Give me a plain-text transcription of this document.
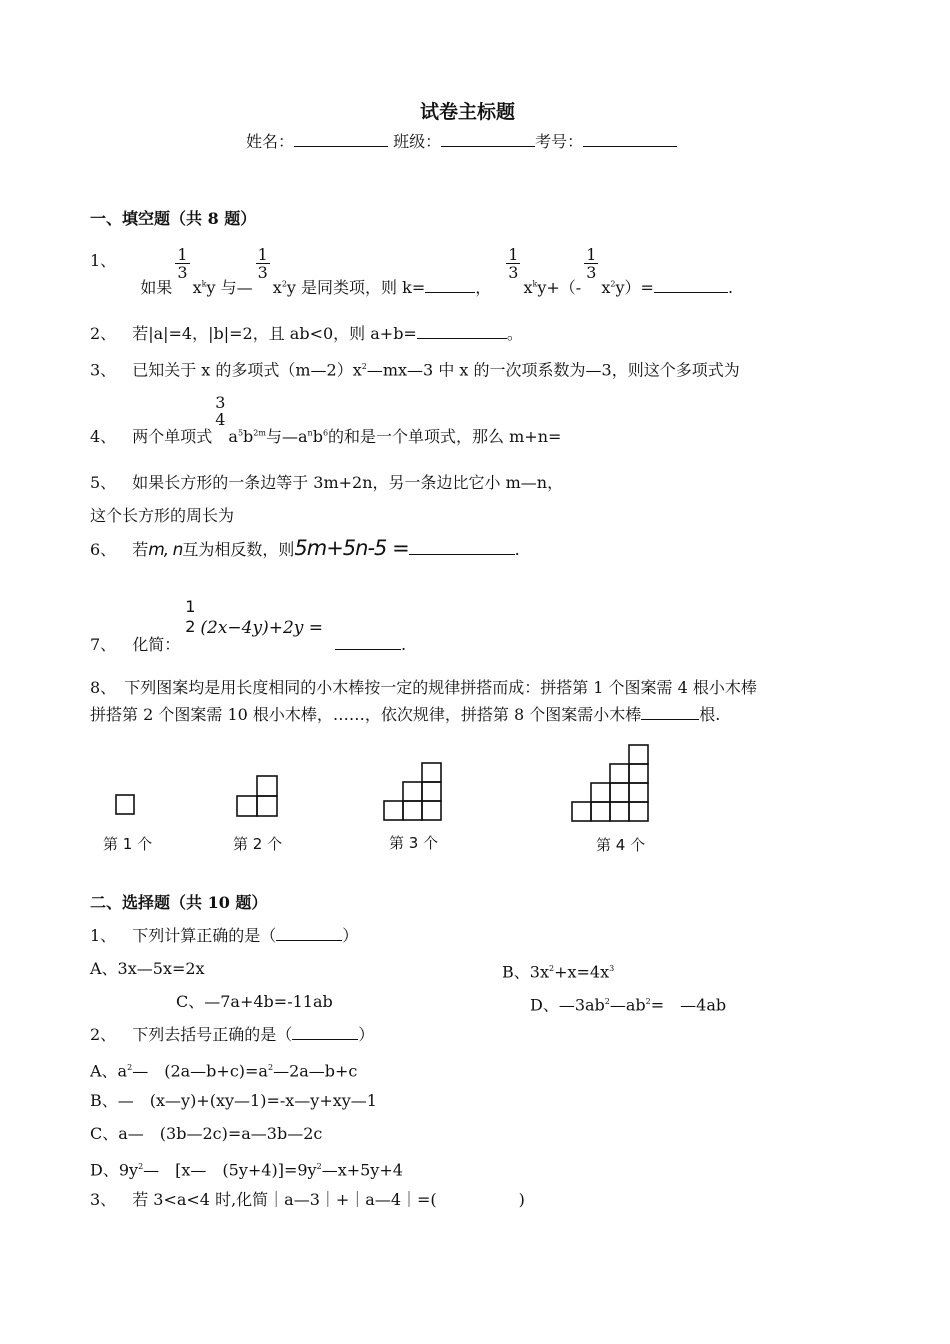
试卷主标题
姓名：	班级：	考号：
一、填空题（共 8 题）
1、  如果
$\frac{1}{3}$
$x^ky$ 与—
$\frac{1}{3}$
$x^2y$ 是同类项，则 k=	，
$\frac{1}{3}$
$x^ky+(-$
$\frac{1}{3}$
$x^2y)=$	.
2、 若|a|=4，|b|=2，且 ab<0，则 a+b=	。
3、 已知关于 x 的多项式$(m—2)x^2—mx—3$ 中 x 的一次项系数为—3，则这个多项式为
4、 两个单项式
3
4
$a^5b^{2m}$与$—a^nb^6$的和是一个单项式，那么 m+n=
5、 如果长方形的一条边等于 3m+2n，另一条边比它小 m—n，
这个长方形的周长为
6、 若m, n互为相反数，则5m+5n-5 =	.
7、 化简：
1
2 (2x−4y)+2y =.
8、 下列图案均是用长度相同的小木棒按一定的规律拼搭而成：拼搭第 1 个图案需 4 根小木棒
拼搭第 2 个图案需 10 根小木棒，……，依次规律，拼搭第 8 个图案需小木棒	根.
第 1 个	第 2 个	第 3 个	第 4 个
二、选择题（共 10 题）
1、 下列计算正确的是（	）
A、3x—5x=2x	B、$3x^2+x=4x^3$
C、—7a+4b=-11ab	D、$—3ab^2—ab^2=$　—4ab
2、 下列去括号正确的是（	）
A、$a^2—$　$(2a—b+c)=a^2—2a—b+c$
B、—　(x—y)+(xy—1)=-x—y+xy—1
C、a—　(3b—2c)=a—3b—2c
D、$9y^2—$　[x—　$(5y+4)]=9y^2—x+5y+4$
3、 若 3<a<4 时,化简｜a—3｜+｜a—4｜=(	)
